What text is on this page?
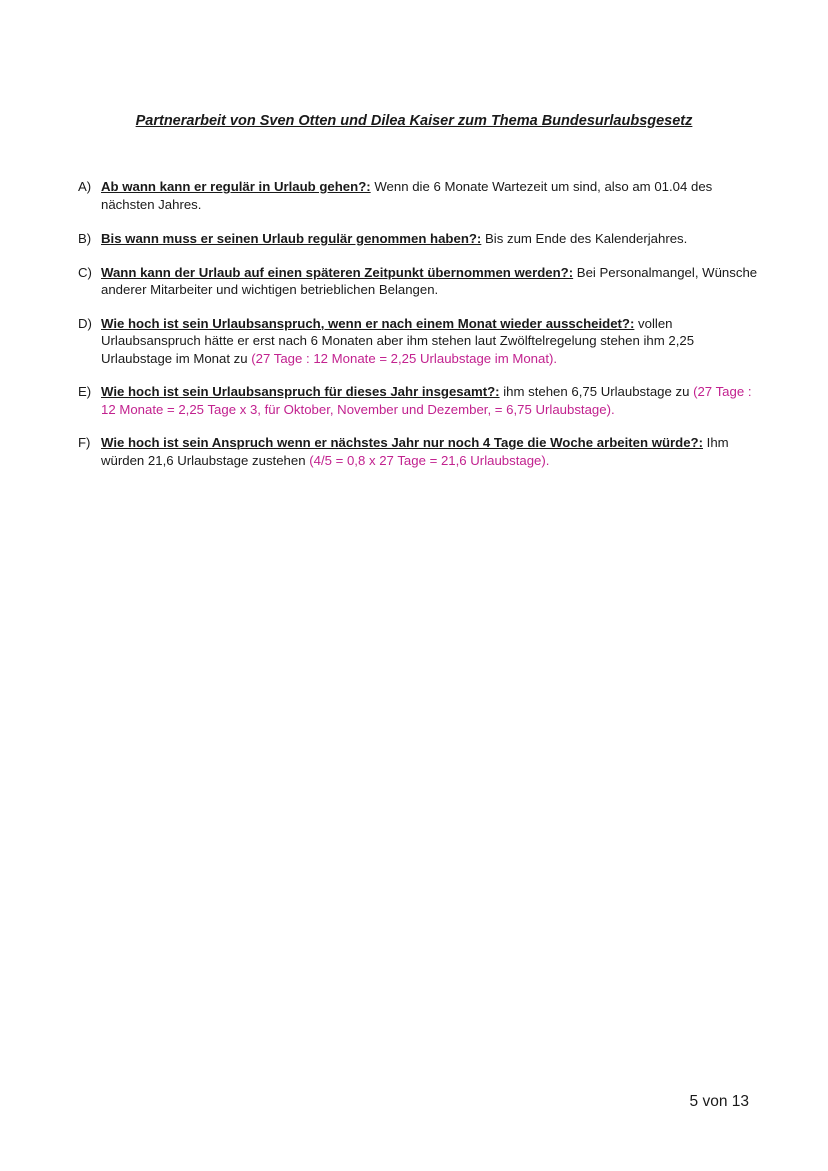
Partnerarbeit von Sven Otten und Dilea Kaiser zum Thema Bundesurlaubsgesetz
A) Ab wann kann er regulär in Urlaub gehen?: Wenn die 6 Monate Wartezeit um sind, also am 01.04 des nächsten Jahres.
B) Bis wann muss er seinen Urlaub regulär genommen haben?: Bis zum Ende des Kalenderjahres.
C) Wann kann der Urlaub auf einen späteren Zeitpunkt übernommen werden?: Bei Personalmangel, Wünsche anderer Mitarbeiter und wichtigen betrieblichen Belangen.
D) Wie hoch ist sein Urlaubsanspruch, wenn er nach einem Monat wieder ausscheidet?: vollen Urlaubsanspruch hätte er erst nach 6 Monaten aber ihm stehen laut Zwölftelregelung stehen ihm 2,25 Urlaubstage im Monat zu (27 Tage : 12 Monate = 2,25 Urlaubstage im Monat).
E) Wie hoch ist sein Urlaubsanspruch für dieses Jahr insgesamt?: ihm stehen 6,75 Urlaubstage zu (27 Tage : 12 Monate = 2,25 Tage x 3, für Oktober, November und Dezember, = 6,75 Urlaubstage).
F) Wie hoch ist sein Anspruch wenn er nächstes Jahr nur noch 4 Tage die Woche arbeiten würde?: Ihm würden 21,6 Urlaubstage zustehen (4/5 = 0,8 x 27 Tage = 21,6 Urlaubstage).

5 von 13
